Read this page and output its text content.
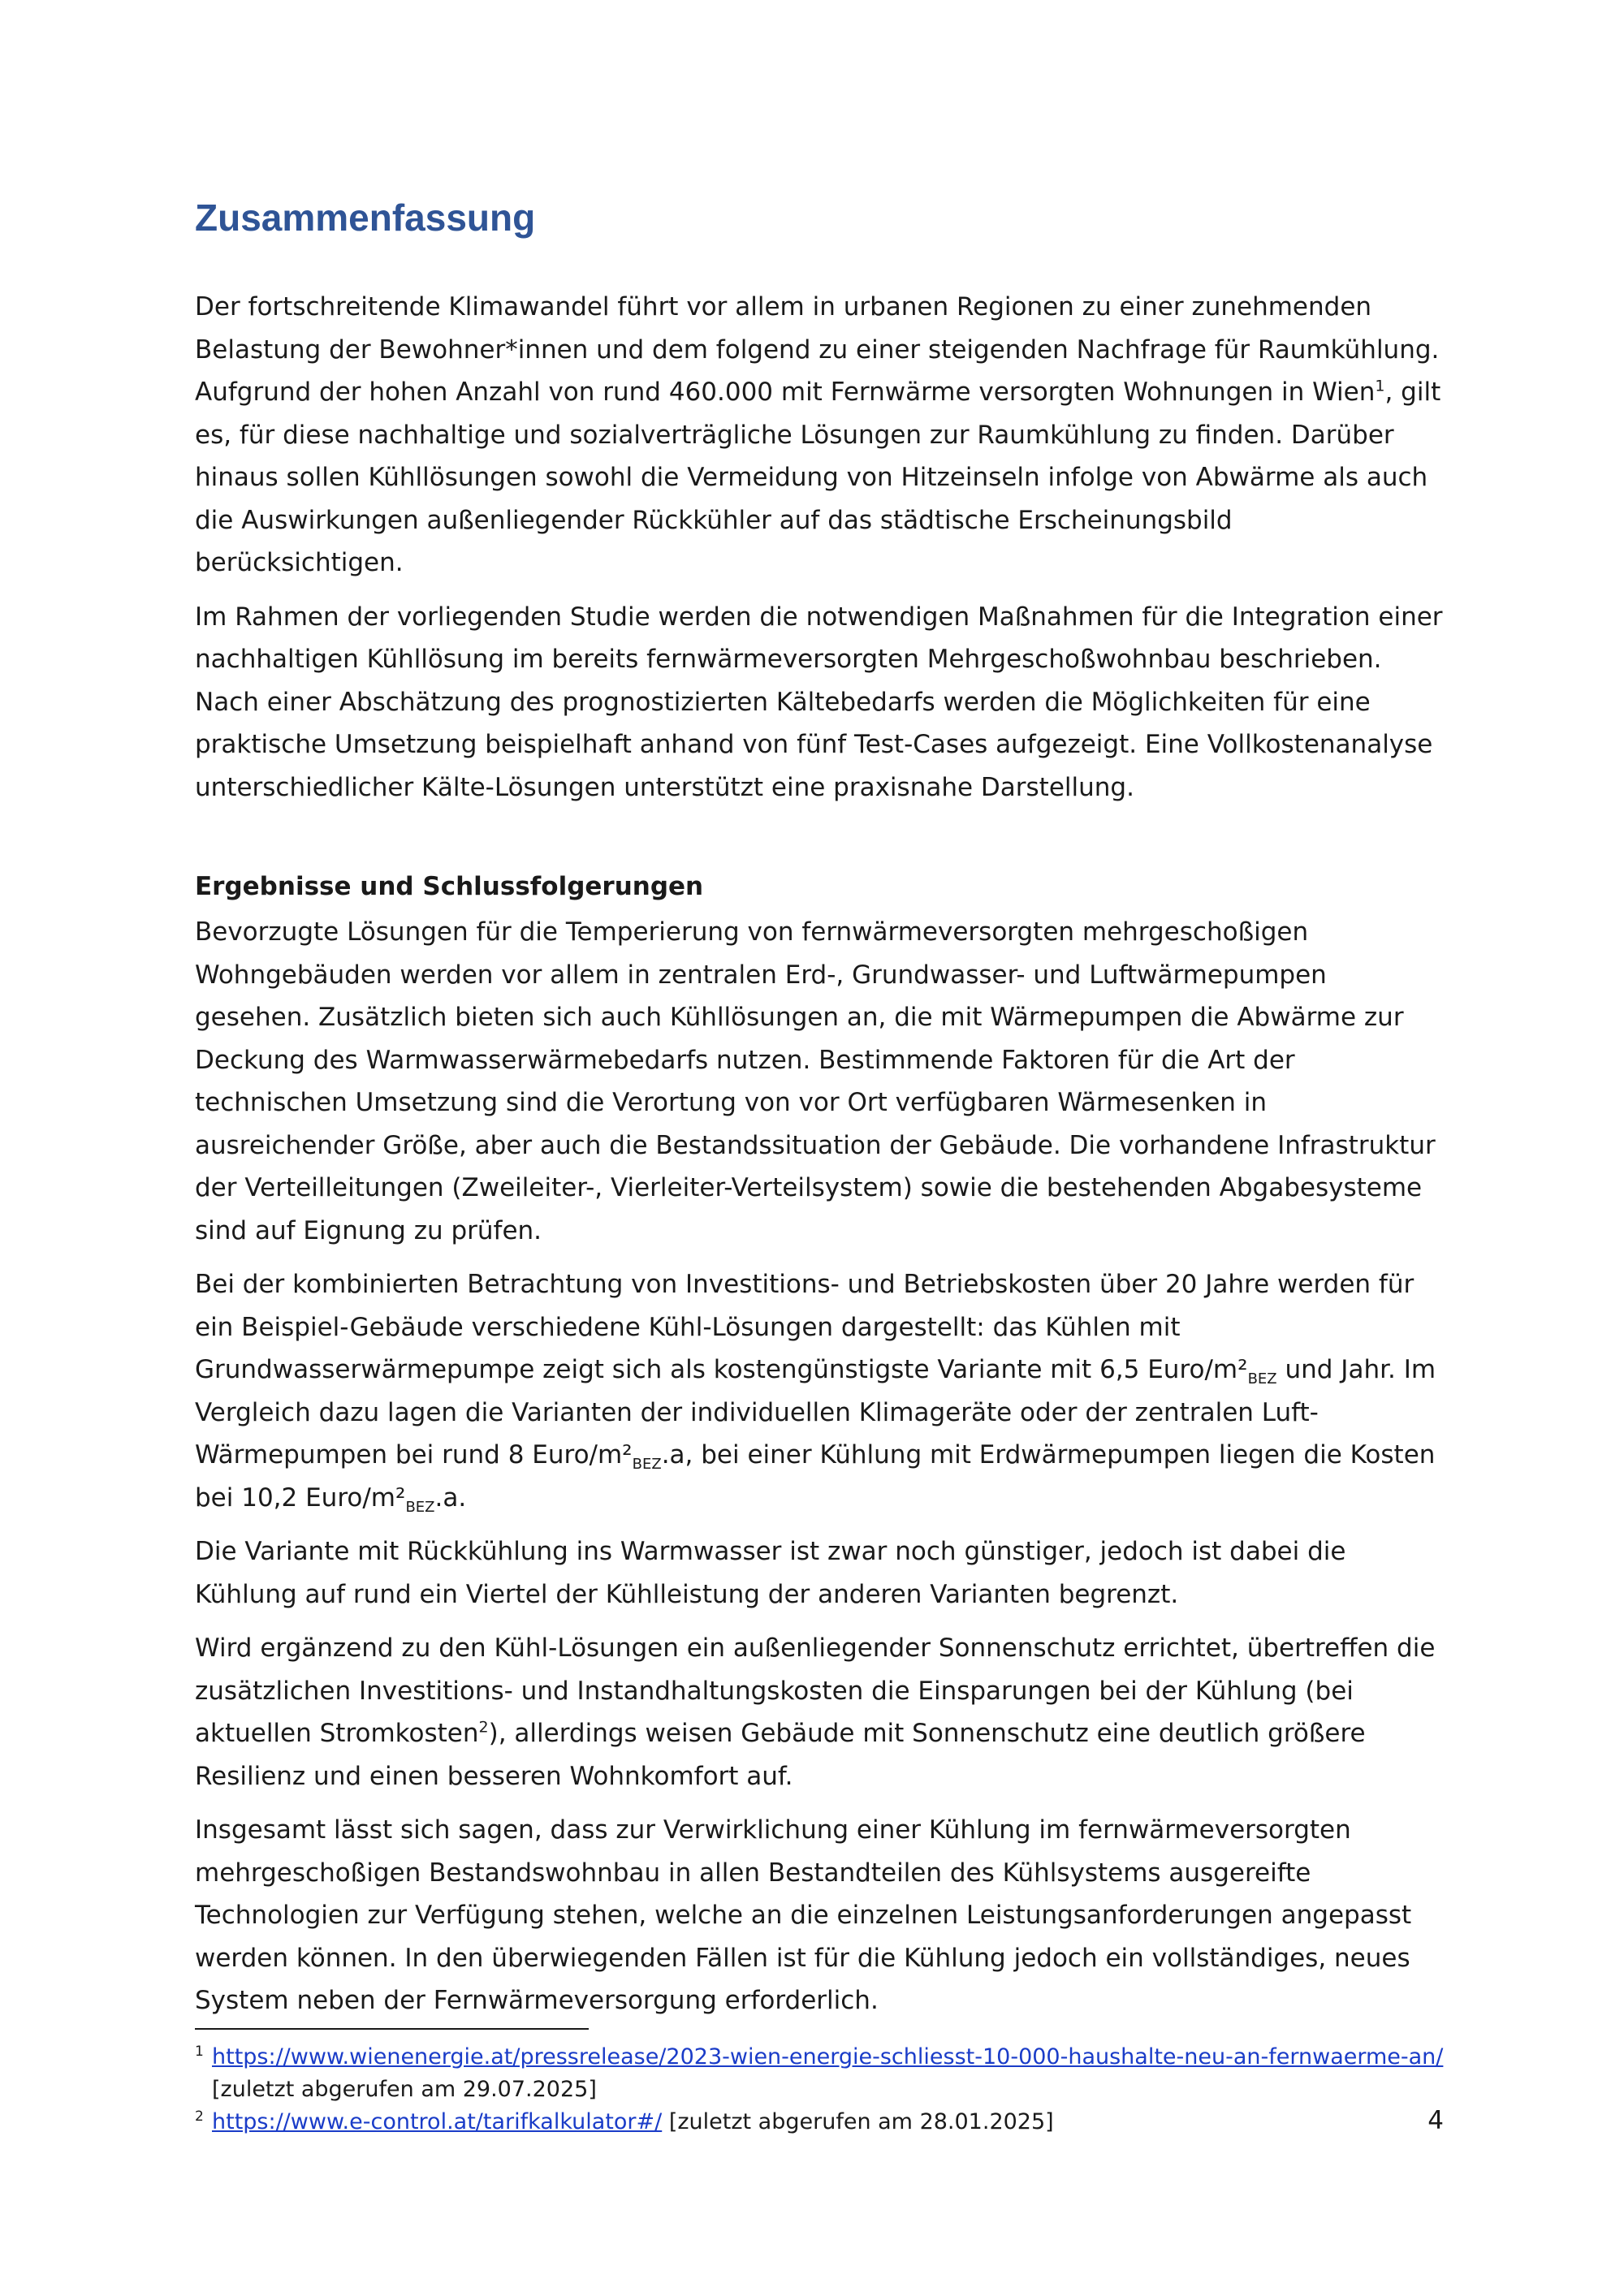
Zusammenfassung

Der fortschreitende Klimawandel führt vor allem in urbanen Regionen zu einer zunehmenden Belastung der Bewohner*innen und dem folgend zu einer steigenden Nachfrage für Raumkühlung. Aufgrund der hohen Anzahl von rund 460.000 mit Fernwärme versorgten Wohnungen in Wien$^1$, gilt es, für diese nachhaltige und sozialverträgliche Lösungen zur Raumkühlung zu finden. Darüber hinaus sollen Kühllösungen sowohl die Vermeidung von Hitzeinseln infolge von Abwärme als auch die Auswirkungen außenliegender Rückkühler auf das städtische Erscheinungsbild berücksichtigen.

Im Rahmen der vorliegenden Studie werden die notwendigen Maßnahmen für die Integration einer nachhaltigen Kühllösung im bereits fernwärmeversorgten Mehrgeschoßwohnbau beschrieben. Nach einer Abschätzung des prognostizierten Kältebedarfs werden die Möglichkeiten für eine praktische Umsetzung beispielhaft anhand von fünf Test-Cases aufgezeigt. Eine Vollkostenanalyse unterschiedlicher Kälte-Lösungen unterstützt eine praxisnahe Darstellung.

Ergebnisse und Schlussfolgerungen

Bevorzugte Lösungen für die Temperierung von fernwärmeversorgten mehrgeschoßigen Wohngebäuden werden vor allem in zentralen Erd-, Grundwasser- und Luftwärmepumpen gesehen. Zusätzlich bieten sich auch Kühllösungen an, die mit Wärmepumpen die Abwärme zur Deckung des Warmwasserwärmebedarfs nutzen. Bestimmende Faktoren für die Art der technischen Umsetzung sind die Verortung von vor Ort verfügbaren Wärmesenken in ausreichender Größe, aber auch die Bestandssituation der Gebäude. Die vorhandene Infrastruktur der Verteilleitungen (Zweileiter-, Vierleiter-Verteilsystem) sowie die bestehenden Abgabesysteme sind auf Eignung zu prüfen.

Bei der kombinierten Betrachtung von Investitions- und Betriebskosten über 20 Jahre werden für ein Beispiel-Gebäude verschiedene Kühl-Lösungen dargestellt: das Kühlen mit Grundwasserwärmepumpe zeigt sich als kostengünstigste Variante mit 6,5 Euro/$m^2_{BEZ}$ und Jahr. Im Vergleich dazu lagen die Varianten der individuellen Klimageräte oder der zentralen Luft-Wärmepumpen bei rund 8 Euro/$m^2_{BEZ}.a$, bei einer Kühlung mit Erdwärmepumpen liegen die Kosten bei 10,2 Euro/$m^2_{BEZ}.a$.

Die Variante mit Rückkühlung ins Warmwasser ist zwar noch günstiger, jedoch ist dabei die Kühlung auf rund ein Viertel der Kühlleistung der anderen Varianten begrenzt.

Wird ergänzend zu den Kühl-Lösungen ein außenliegender Sonnenschutz errichtet, übertreffen die zusätzlichen Investitions- und Instandhaltungskosten die Einsparungen bei der Kühlung (bei aktuellen Stromkosten$^2$), allerdings weisen Gebäude mit Sonnenschutz eine deutlich größere Resilienz und einen besseren Wohnkomfort auf.

Insgesamt lässt sich sagen, dass zur Verwirklichung einer Kühlung im fernwärmeversorgten mehrgeschoßigen Bestandswohnbau in allen Bestandteilen des Kühlsystems ausgereifte Technologien zur Verfügung stehen, welche an die einzelnen Leistungsanforderungen angepasst werden können. In den überwiegenden Fällen ist für die Kühlung jedoch ein vollständiges, neues System neben der Fernwärmeversorgung erforderlich.

1 https://www.wienenergie.at/pressrelease/2023-wien-energie-schliesst-10-000-haushalte-neu-an-fernwaerme-an/ [zuletzt abgerufen am 29.07.2025]

2 https://www.e-control.at/tarifkalkulator#/ [zuletzt abgerufen am 28.01.2025]	4
